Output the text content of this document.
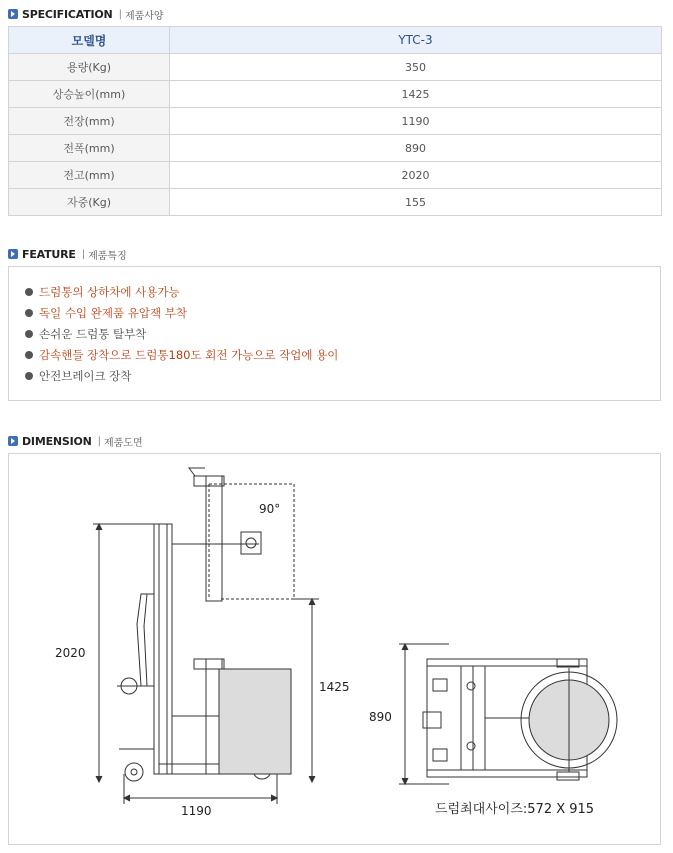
SPECIFICATION | 제품사양
모델명	YTC-3
용량(Kg)	350
상승높이(mm)	1425
전장(mm)	1190
전폭(mm)	890
전고(mm)	2020
자중(Kg)	155
FEATURE | 제품특징
드럼통의 상하차에 사용가능
독일 수입 완제품 유압잭 부착
손쉬운 드럼통 탈부착
감속핸들 장착으로 드럼통180도 회전 가능으로 작업에 용이
안전브레이크 장착
DIMENSION | 제품도면
90°
2020
1425
1190
890
드럼최대사이즈:572 X 915
